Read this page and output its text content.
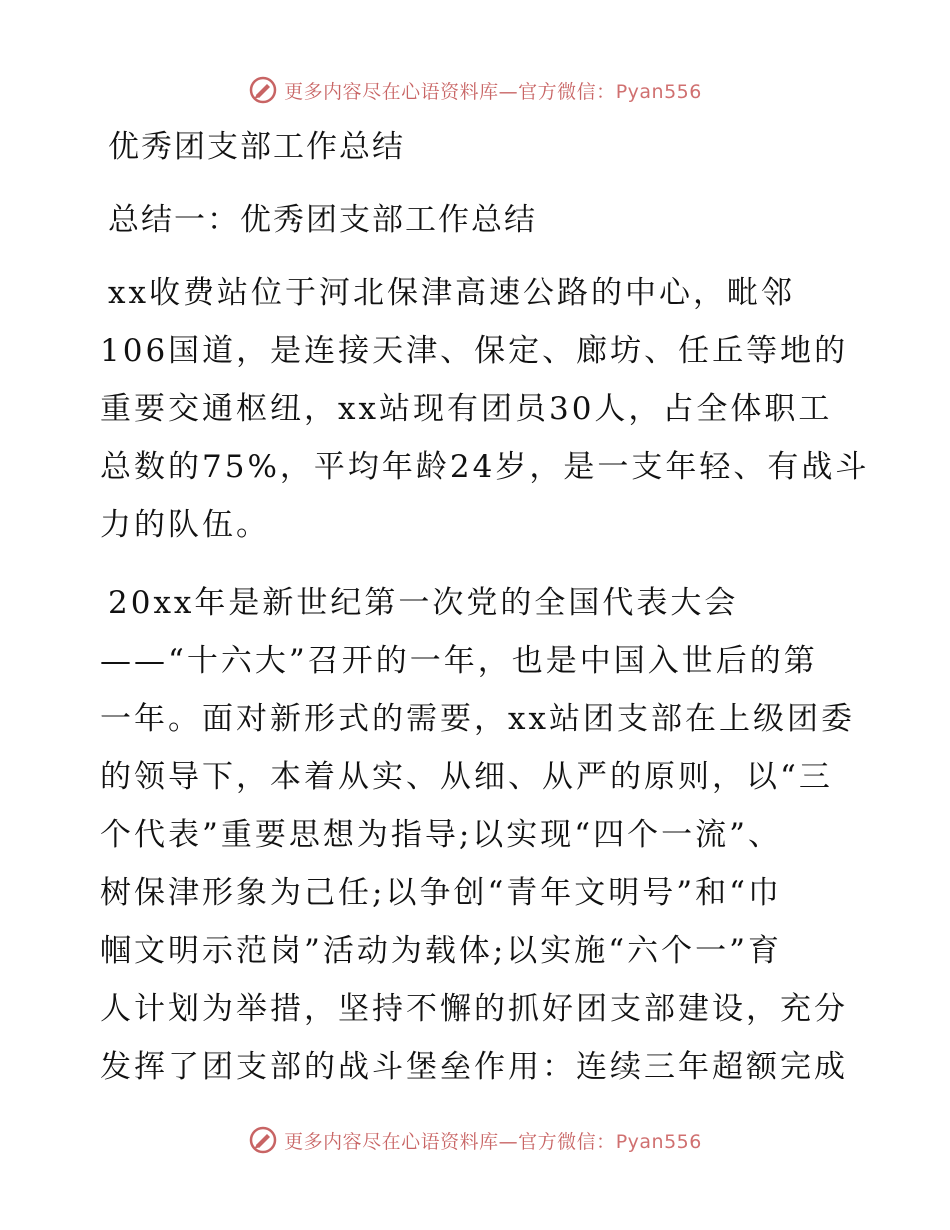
更多内容尽在心语资料库—官方微信：Pyan556
优秀团支部工作总结
总结一：优秀团支部工作总结

xx收费站位于河北保津高速公路的中心，毗邻
106国道，是连接天津、保定、廊坊、任丘等地的
重要交通枢纽，xx站现有团员30人，占全体职工
总数的75%，平均年龄24岁，是一支年轻、有战斗
力的队伍。

20xx年是新世纪第一次党的全国代表大会
——“十六大”召开的一年，也是中国入世后的第
一年。面对新形式的需要，xx站团支部在上级团委
的领导下，本着从实、从细、从严的原则，以“三
个代表”重要思想为指导;以实现“四个一流”、
树保津形象为己任;以争创“青年文明号”和“巾
帼文明示范岗”活动为载体;以实施“六个一”育
人计划为举措，坚持不懈的抓好团支部建设，充分
发挥了团支部的战斗堡垒作用：连续三年超额完成

更多内容尽在心语资料库—官方微信：Pyan556
